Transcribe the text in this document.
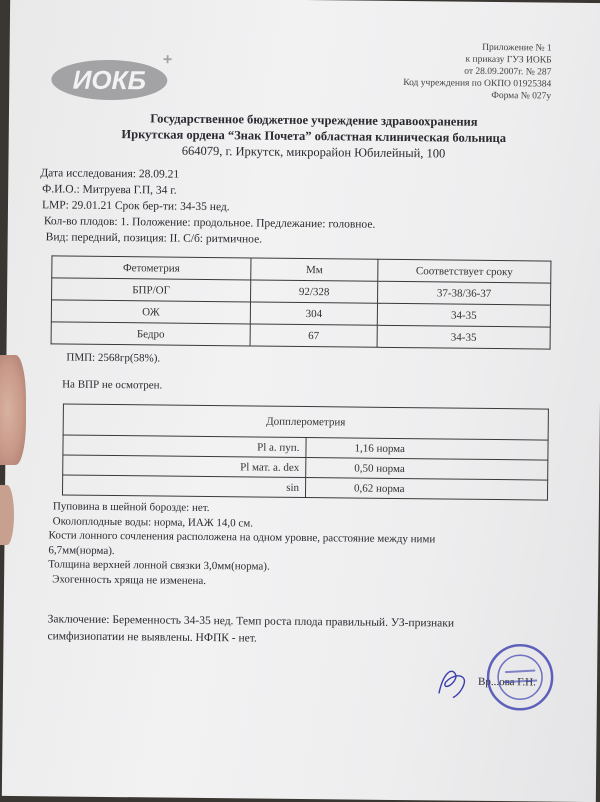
ИОКБ
+
Приложение № 1
к приказу ГУЗ ИОКБ
от 28.09.2007г. № 287
Код учреждения по ОКПО 01925384
Форма № 027у
Государственное бюджетное учреждение здравоохранения
Иркутская ордена “Знак Почета” областная клиническая больница
664079, г. Иркутск, микрорайон Юбилейный, 100
Дата исследования: 28.09.21
Ф.И.О.: Митруева Г.П, 34 г.
LMP: 29.01.21 Срок бер-ти: 34-35 нед.
Кол-во плодов: 1. Положение: продольное. Предлежание: головное.
Вид: передний, позиция: II. С/б: ритмичное.
Фетометрия	Мм	Соответствует сроку
БПР/ОГ	92/328	37-38/36-37
ОЖ	304	34-35
Бедро	67	34-35
ПМП: 2568гр(58%).
На ВПР не осмотрен.
Допплерометрия	
Pl a. пуп.	1,16 норма
Pl мат. a. dex	0,50 норма
sin	0,62 норма
Пуповина в шейной борозде: нет.
Околоплодные воды: норма, ИАЖ 14,0 см.
Кости лонного сочленения расположена на одном уровне, расстояние между ними
6,7мм(норма).
Толщина верхней лонной связки 3,0мм(норма).
Эхогенность хряща не изменена.
Заключение: Беременность 34-35 нед. Темп роста плода правильный. УЗ-признаки
симфизиопатии не выявлены. НФПК - нет.
Вр...ова Г.Н.
